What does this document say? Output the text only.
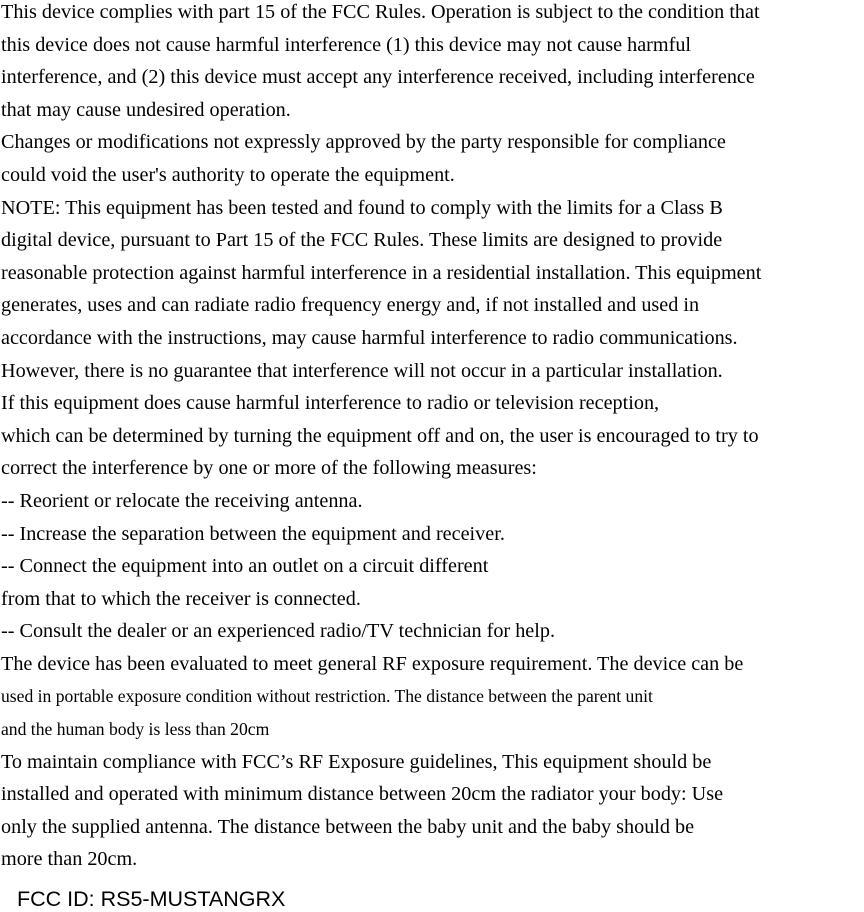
This device complies with part 15 of the FCC Rules. Operation is subject to the condition that
this device does not cause harmful interference (1) this device may not cause harmful
interference, and (2) this device must accept any interference received, including interference
that may cause undesired operation.
Changes or modifications not expressly approved by the party responsible for compliance
could void the user's authority to operate the equipment.
NOTE: This equipment has been tested and found to comply with the limits for a Class B
digital device, pursuant to Part 15 of the FCC Rules. These limits are designed to provide
reasonable protection against harmful interference in a residential installation. This equipment
generates, uses and can radiate radio frequency energy and, if not installed and used in
accordance with the instructions, may cause harmful interference to radio communications.
However, there is no guarantee that interference will not occur in a particular installation.
If this equipment does cause harmful interference to radio or television reception,
which can be determined by turning the equipment off and on, the user is encouraged to try to
correct the interference by one or more of the following measures:
-- Reorient or relocate the receiving antenna.
-- Increase the separation between the equipment and receiver.
-- Connect the equipment into an outlet on a circuit different
from that to which the receiver is connected.
-- Consult the dealer or an experienced radio/TV technician for help.
The device has been evaluated to meet general RF exposure requirement. The device can be
used in portable exposure condition without restriction. The distance between the parent unit
and the human body is less than 20cm
To maintain compliance with FCC’s RF Exposure guidelines, This equipment should be
installed and operated with minimum distance between 20cm the radiator your body: Use
only the supplied antenna. The distance between the baby unit and the baby should be
more than 20cm.
FCC ID: RS5-MUSTANGRX
